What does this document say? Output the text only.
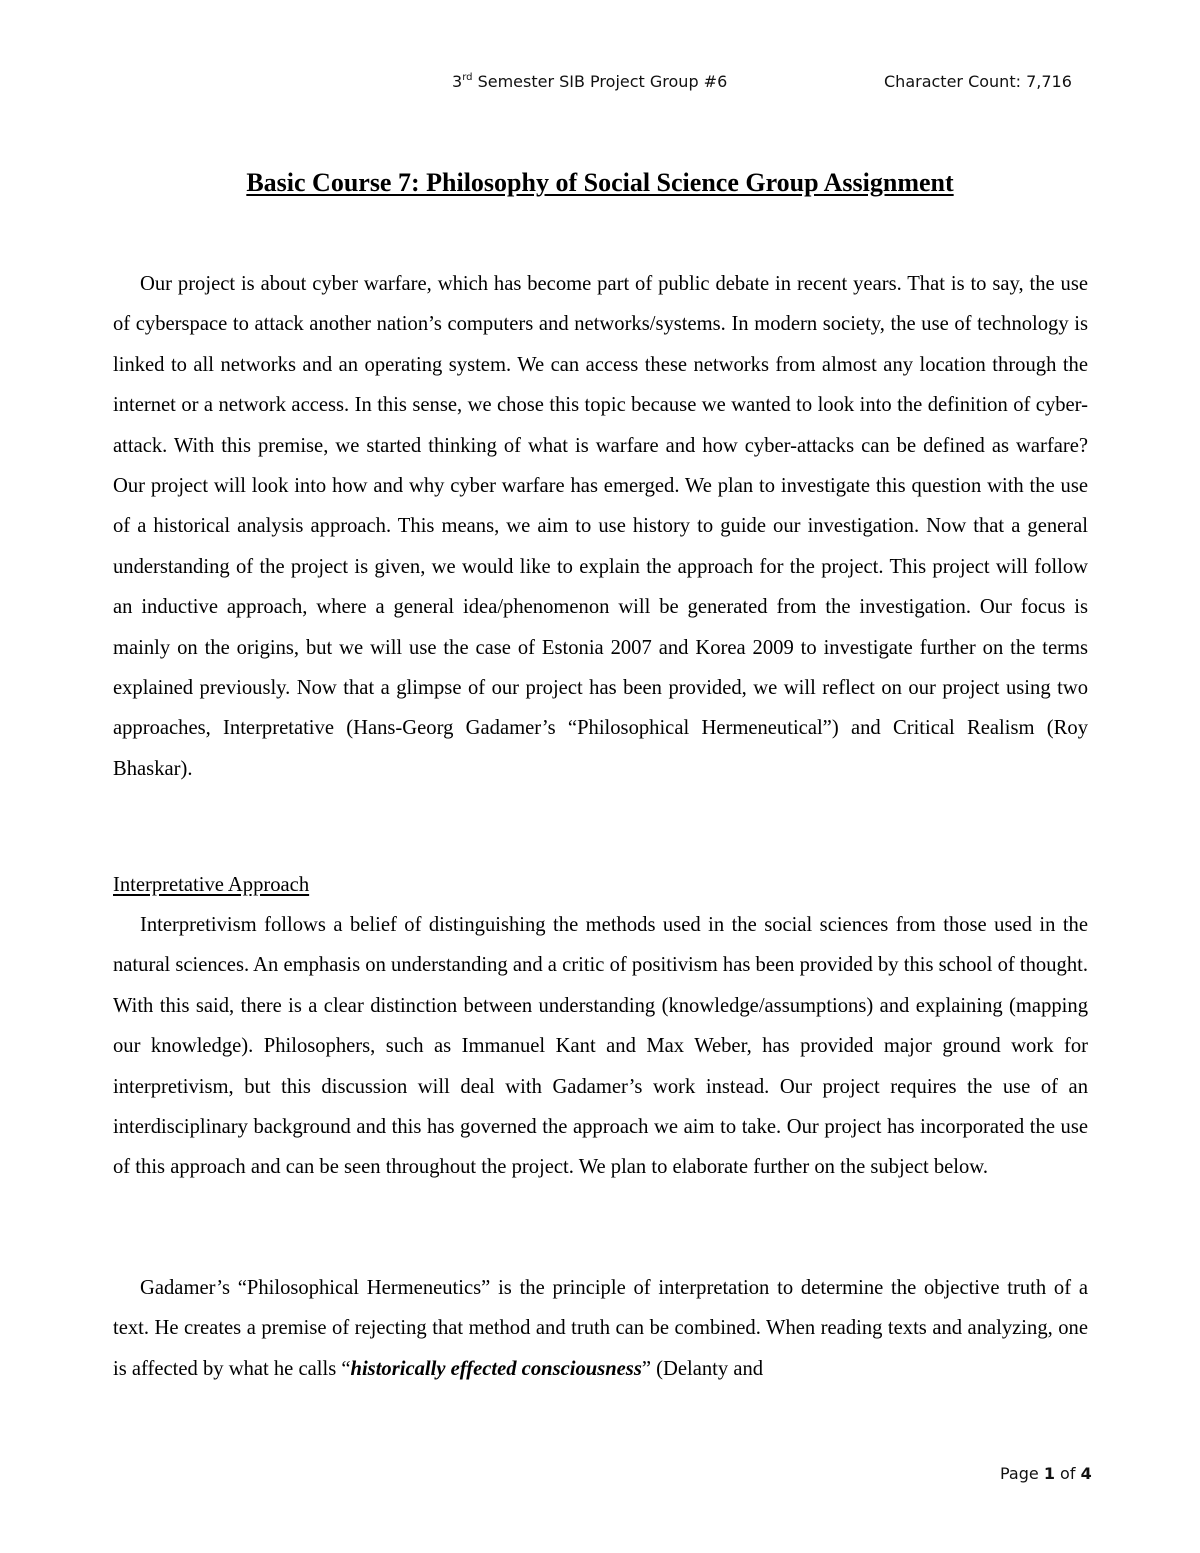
3rd Semester SIB Project Group #6	Character Count: 7,716
Basic Course 7: Philosophy of Social Science Group Assignment

Our project is about cyber warfare, which has become part of public debate in recent years. That is to say, the use of cyberspace to attack another nation’s computers and networks/systems. In modern society, the use of technology is linked to all networks and an operating system. We can access these networks from almost any location through the internet or a network access. In this sense, we chose this topic because we wanted to look into the definition of cyber-attack. With this premise, we started thinking of what is warfare and how cyber-attacks can be defined as warfare? Our project will look into how and why cyber warfare has emerged. We plan to investigate this question with the use of a historical analysis approach. This means, we aim to use history to guide our investigation. Now that a general understanding of the project is given, we would like to explain the approach for the project. This project will follow an inductive approach, where a general idea/phenomenon will be generated from the investigation. Our focus is mainly on the origins, but we will use the case of Estonia 2007 and Korea 2009 to investigate further on the terms explained previously. Now that a glimpse of our project has been provided, we will reflect on our project using two approaches, Interpretative (Hans-Georg Gadamer’s “Philosophical Hermeneutical”) and Critical Realism (Roy Bhaskar).

Interpretative Approach

Interpretivism follows a belief of distinguishing the methods used in the social sciences from those used in the natural sciences. An emphasis on understanding and a critic of positivism has been provided by this school of thought. With this said, there is a clear distinction between understanding (knowledge/assumptions) and explaining (mapping our knowledge). Philosophers, such as Immanuel Kant and Max Weber, has provided major ground work for interpretivism, but this discussion will deal with Gadamer’s work instead. Our project requires the use of an interdisciplinary background and this has governed the approach we aim to take. Our project has incorporated the use of this approach and can be seen throughout the project. We plan to elaborate further on the subject below.

Gadamer’s “Philosophical Hermeneutics” is the principle of interpretation to determine the objective truth of a text. He creates a premise of rejecting that method and truth can be combined. When reading texts and analyzing, one is affected by what he calls “historically effected consciousness” (Delanty and

Page 1 of 4
